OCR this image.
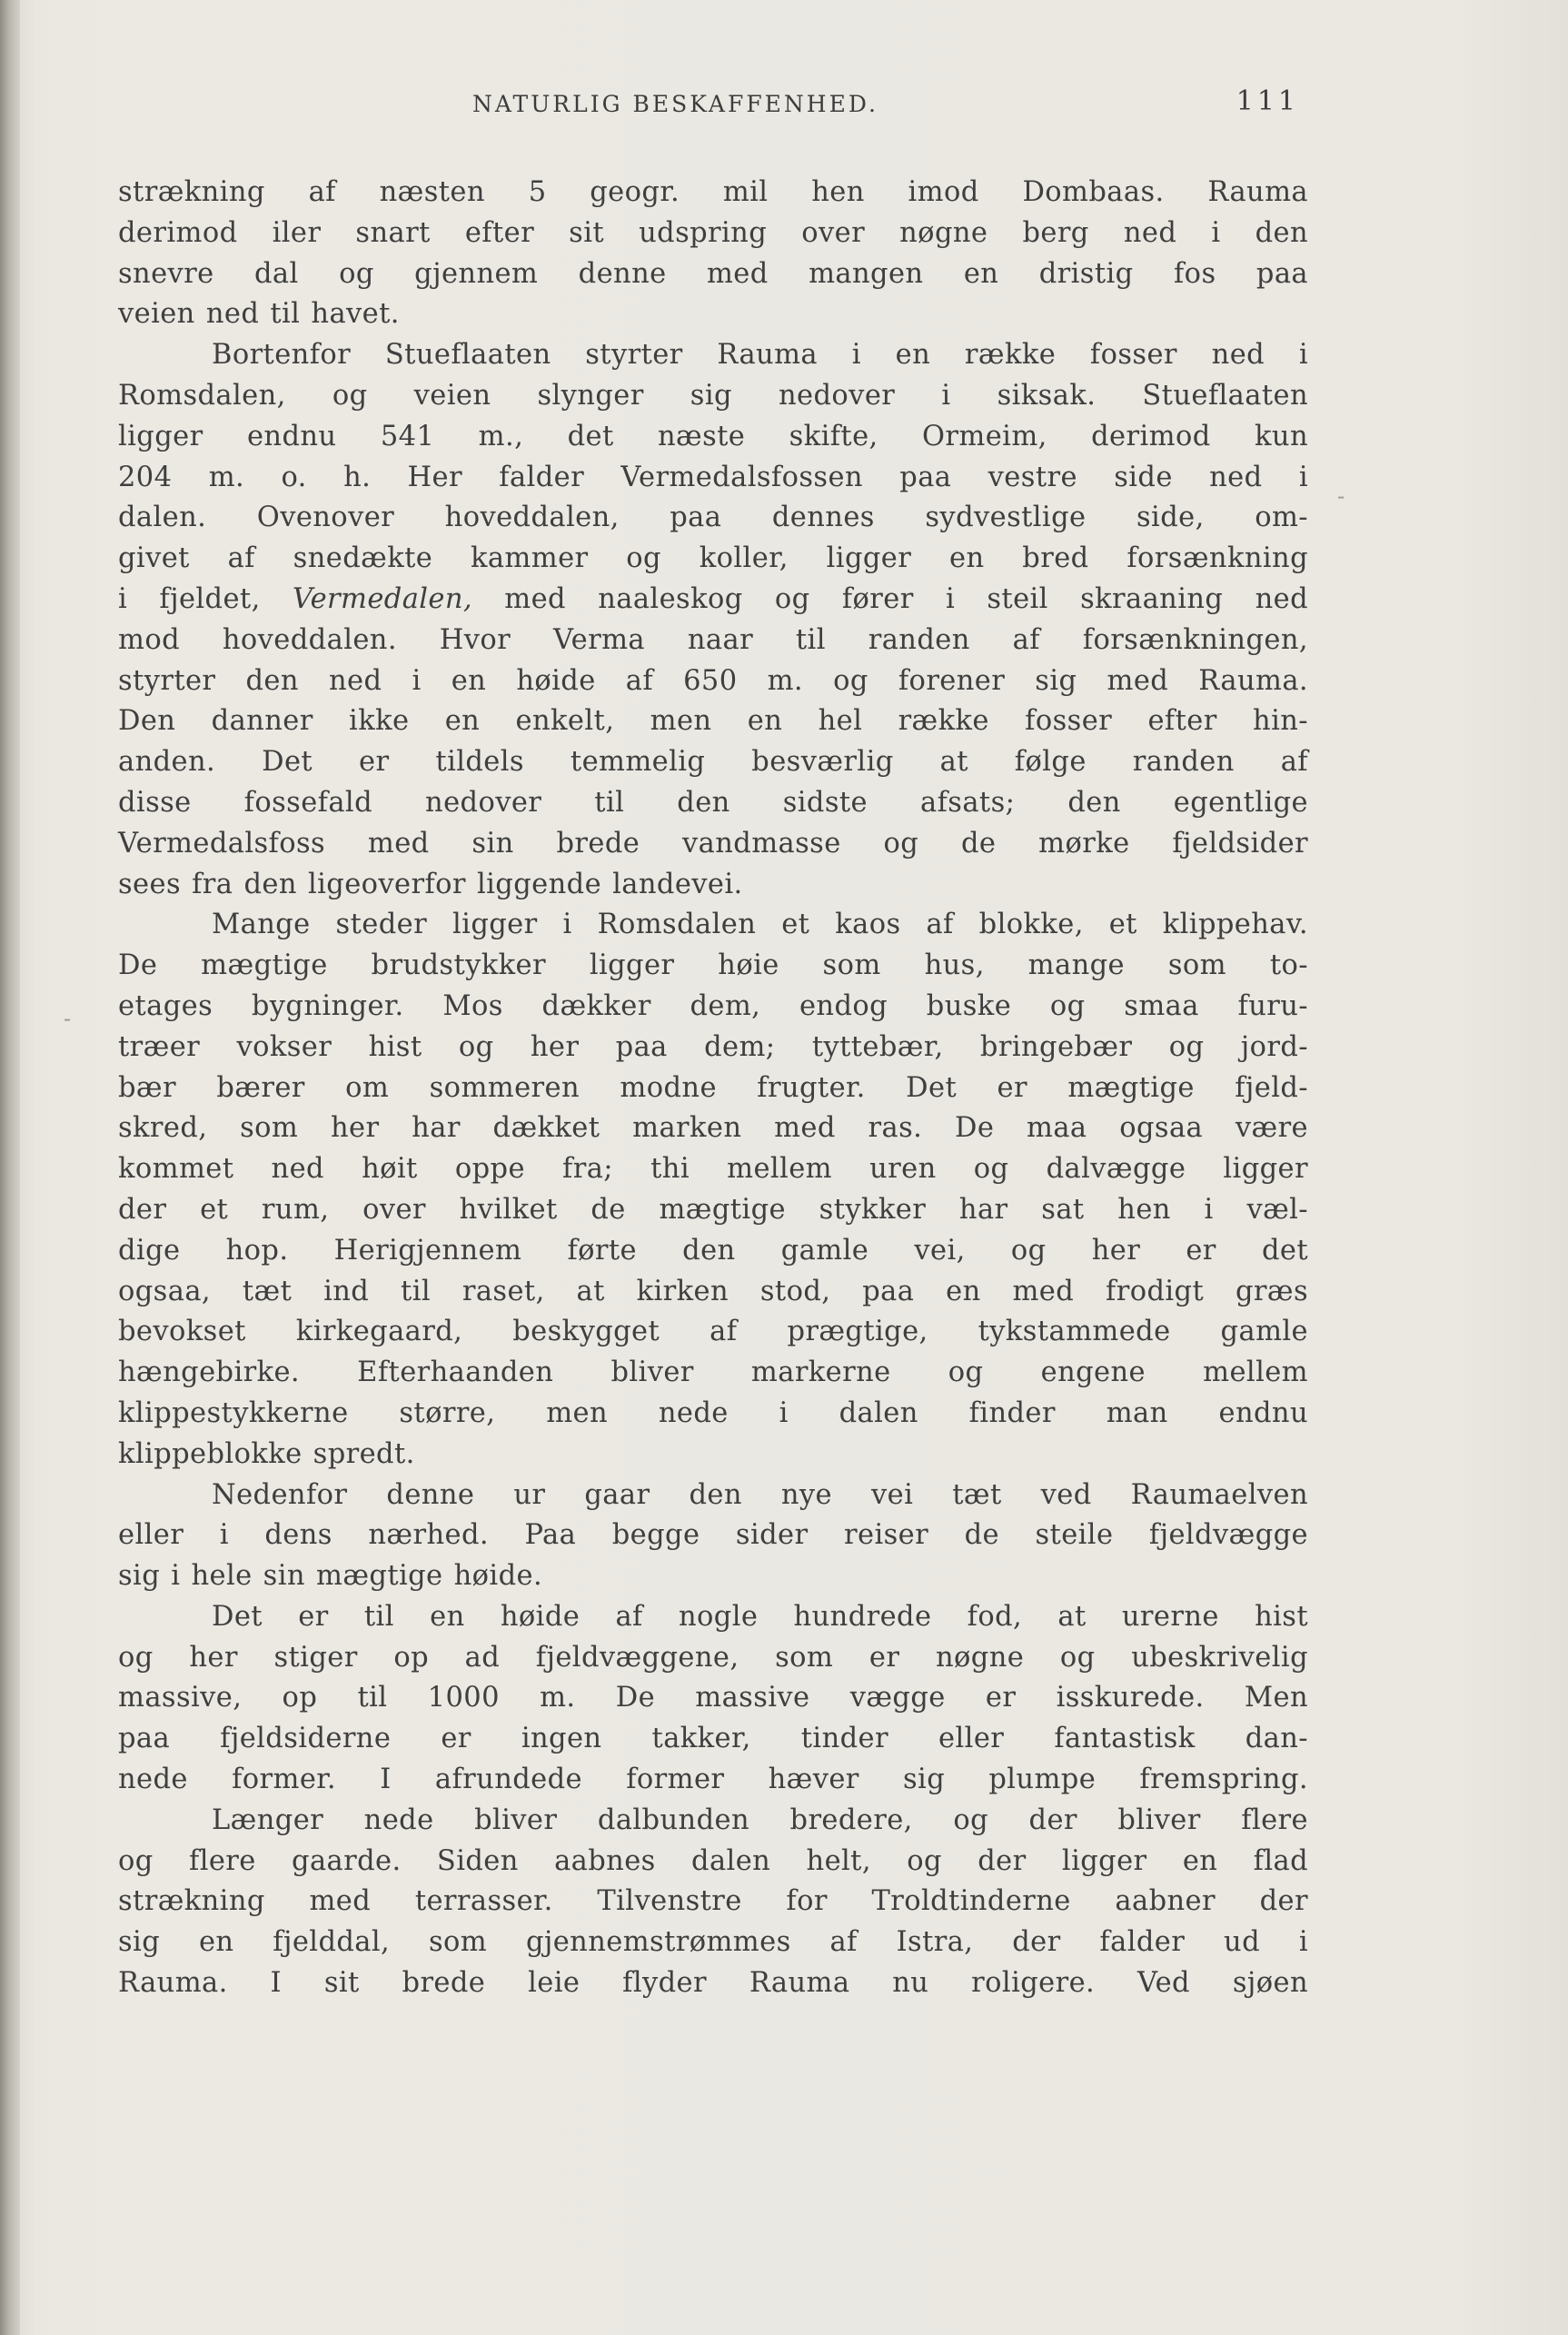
NATURLIG BESKAFFENHED.	111
strækning af næsten 5 geogr. mil hen imod Dombaas. Rauma
derimod iler snart efter sit udspring over nøgne berg ned i den
snevre dal og gjennem denne med mangen en dristig fos paa
veien ned til havet.
Bortenfor Stueflaaten styrter Rauma i en række fosser ned i
Romsdalen, og veien slynger sig nedover i siksak. Stueflaaten
ligger endnu 541 m., det næste skifte, Ormeim, derimod kun
204 m. o. h. Her falder Vermedalsfossen paa vestre side ned i
dalen. Ovenover hoveddalen, paa dennes sydvestlige side, om-
givet af snedækte kammer og koller, ligger en bred forsænkning
i fjeldet, Vermedalen, med naaleskog og fører i steil skraaning ned
mod hoveddalen. Hvor Verma naar til randen af forsænkningen,
styrter den ned i en høide af 650 m. og forener sig med Rauma.
Den danner ikke en enkelt, men en hel række fosser efter hin-
anden. Det er tildels temmelig besværlig at følge randen af
disse fossefald nedover til den sidste afsats; den egentlige
Vermedalsfoss med sin brede vandmasse og de mørke fjeldsider
sees fra den ligeoverfor liggende landevei.
Mange steder ligger i Romsdalen et kaos af blokke, et klippehav.
De mægtige brudstykker ligger høie som hus, mange som to-
etages bygninger. Mos dækker dem, endog buske og smaa furu-
træer vokser hist og her paa dem; tyttebær, bringebær og jord-
bær bærer om sommeren modne frugter. Det er mægtige fjeld-
skred, som her har dækket marken med ras. De maa ogsaa være
kommet ned høit oppe fra; thi mellem uren og dalvægge ligger
der et rum, over hvilket de mægtige stykker har sat hen i væl-
dige hop. Herigjennem førte den gamle vei, og her er det
ogsaa, tæt ind til raset, at kirken stod, paa en med frodigt græs
bevokset kirkegaard, beskygget af prægtige, tykstammede gamle
hængebirke. Efterhaanden bliver markerne og engene mellem
klippestykkerne større, men nede i dalen finder man endnu
klippeblokke spredt.
Nedenfor denne ur gaar den nye vei tæt ved Raumaelven
eller i dens nærhed. Paa begge sider reiser de steile fjeldvægge
sig i hele sin mægtige høide.
Det er til en høide af nogle hundrede fod, at urerne hist
og her stiger op ad fjeldvæggene, som er nøgne og ubeskrivelig
massive, op til 1000 m. De massive vægge er isskurede. Men
paa fjeldsiderne er ingen takker, tinder eller fantastisk dan-
nede former. I afrundede former hæver sig plumpe fremspring.
Længer nede bliver dalbunden bredere, og der bliver flere
og flere gaarde. Siden aabnes dalen helt, og der ligger en flad
strækning med terrasser. Tilvenstre for Troldtinderne aabner der
sig en fjelddal, som gjennemstrømmes af Istra, der falder ud i
Rauma. I sit brede leie flyder Rauma nu roligere. Ved sjøen
-
-
